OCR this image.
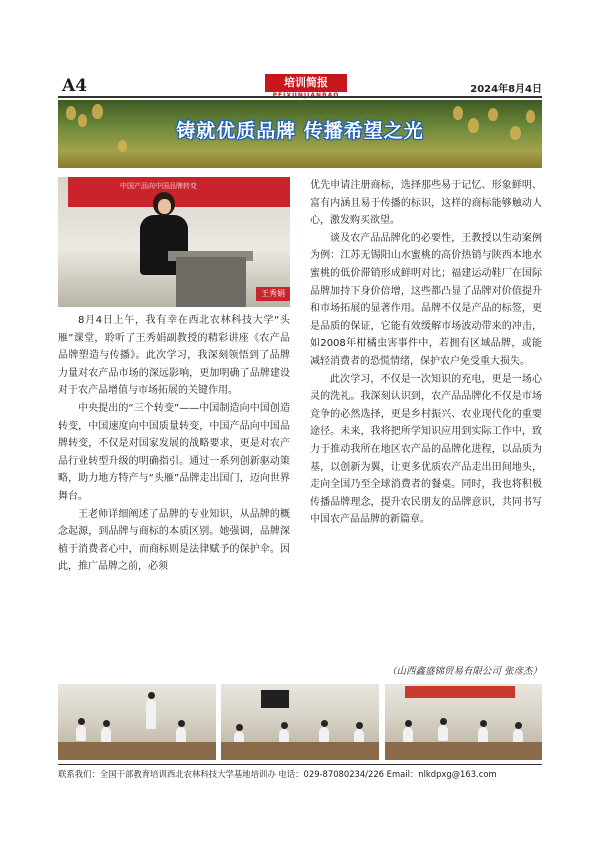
A4	培训简报
2024年8月4日
铸就优质品牌 传播希望之光
中国产品向中国品牌转变
王秀娟

8月4日上午，我有幸在西北农林科技大学“头雁”课堂，聆听了王秀娟副教授的精彩讲座《农产品品牌塑造与传播》。此次学习，我深刻领悟到了品牌力量对农产品市场的深远影响，更加明确了品牌建设对于农产品增值与市场拓展的关键作用。

中央提出的“三个转变”——中国制造向中国创造转变，中国速度向中国质量转变，中国产品向中国品牌转变，不仅是对国家发展的战略要求，更是对农产品行业转型升级的明确指引。通过一系列创新驱动策略，助力地方特产与“头雁”品牌走出国门，迈向世界舞台。

王老师详细阐述了品牌的专业知识，从品牌的概念起源，到品牌与商标的本质区别。她强调，品牌深植于消费者心中，而商标则是法律赋予的保护伞。因此，推广品牌之前，必须

优先申请注册商标，选择那些易于记忆、形象鲜明、富有内涵且易于传播的标识，这样的商标能够触动人心，激发购买欲望。

谈及农产品品牌化的必要性，王教授以生动案例为例：江苏无锡阳山水蜜桃的高价热销与陕西本地水蜜桃的低价滞销形成鲜明对比；福建运动鞋厂在国际品牌加持下身价倍增，这些都凸显了品牌对价值提升和市场拓展的显著作用。品牌不仅是产品的标签，更是品质的保证，它能有效缓解市场波动带来的冲击，如2008年柑橘虫害事件中，若拥有区域品牌，或能减轻消费者的恐慌情绪，保护农户免受重大损失。

此次学习，不仅是一次知识的充电，更是一场心灵的洗礼。我深刻认识到，农产品品牌化不仅是市场竞争的必然选择，更是乡村振兴、农业现代化的重要途径。未来，我将把所学知识应用到实际工作中，致力于推动我所在地区农产品的品牌化进程，以品质为基，以创新为翼，让更多优质农产品走出田间地头，走向全国乃至全球消费者的餐桌。同时，我也将积极传播品牌理念，提升农民朋友的品牌意识，共同书写中国农产品品牌的新篇章。

（山西鑫盛锦贸易有限公司 张彦杰）
联系我们：全国干部教育培训西北农林科技大学基地培训办 电话：029-87080234/226 Email：nlkdpxg@163.com
